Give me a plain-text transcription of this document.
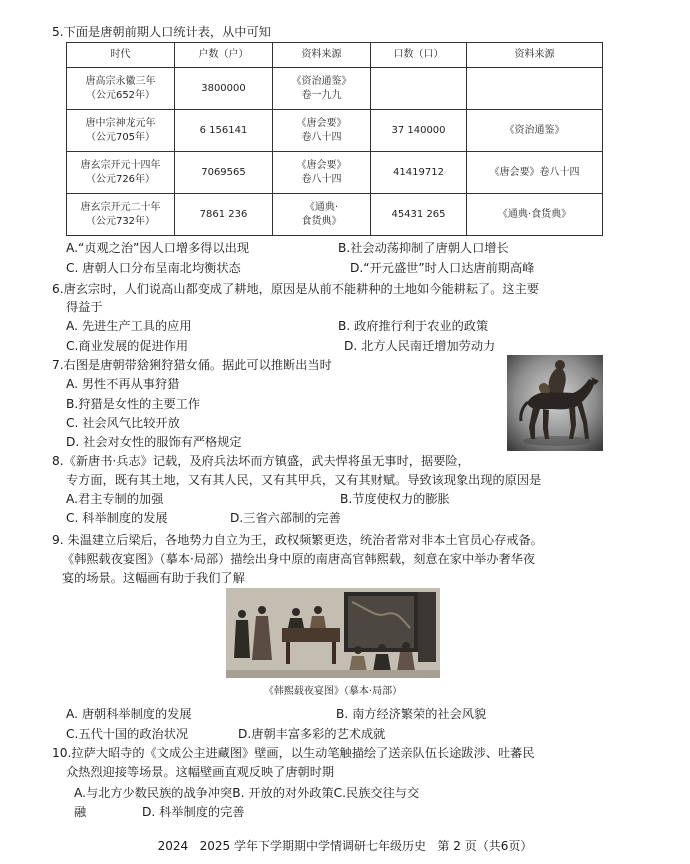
5.下面是唐朝前期人口统计表，从中可知
时代	户数（户）	资料来源	口数（口）	资料来源
唐高宗永徽三年
（公元652年）	3800000	《资治通鉴》
卷一九九		
唐中宗神龙元年
（公元705年）	6 156141	《唐会要》
卷八十四	37 140000	《资治通鉴》
唐玄宗开元十四年
（公元726年）	7069565	《唐会要》
卷八十四	41419712	《唐会要》卷八十四
唐玄宗开元二十年
（公元732年）	7861 236	《通典·
食货典》	45431 265	《通典·食货典》
A.“贞观之治”因人口增多得以出现	B.社会动荡抑制了唐朝人口增长
C. 唐朝人口分布呈南北均衡状态	D.“开元盛世”时人口达唐前期高峰
6.唐玄宗时，人们说高山都变成了耕地，原因是从前不能耕种的土地如今能耕耘了。这主要
得益于
A. 先进生产工具的应用	B. 政府推行利于农业的政策
C.商业发展的促进作用	D. 北方人民南迁增加劳动力
7.右图是唐朝带猞猁狩猎女俑。据此可以推断出当时
A. 男性不再从事狩猎
B.狩猎是女性的主要工作
C. 社会风气比较开放
D. 社会对女性的服饰有严格规定
8.《新唐书·兵志》记载，及府兵法坏而方镇盛，武夫悍将虽无事时，据要险，
专方面，既有其土地，又有其人民，又有其甲兵，又有其财赋。导致该现象出现的原因是
A.君主专制的加强	B.节度使权力的膨胀
C. 科举制度的发展	D.三省六部制的完善
9. 朱温建立后梁后，各地势力自立为王，政权频繁更迭，统治者常对非本土官员心存戒备。
《韩熙载夜宴图》（摹本·局部）描绘出身中原的南唐高官韩熙载，刻意在家中举办奢华夜
宴的场景。这幅画有助于我们了解
《韩熙载夜宴图》（摹本·局部）
A. 唐朝科举制度的发展	B. 南方经济繁荣的社会风貌
C.五代十国的政治状况	D.唐朝丰富多彩的艺术成就
10.拉萨大昭寺的《文成公主进藏图》壁画，以生动笔触描绘了送亲队伍长途跋涉、吐蕃民
众热烈迎接等场景。这幅壁画直观反映了唐朝时期
A.与北方少数民族的战争冲突B. 开放的对外政策C.民族交往与交
融	D. 科举制度的完善
2024   2025 学年下学期期中学情调研七年级历史   第 2 页（共6页）
